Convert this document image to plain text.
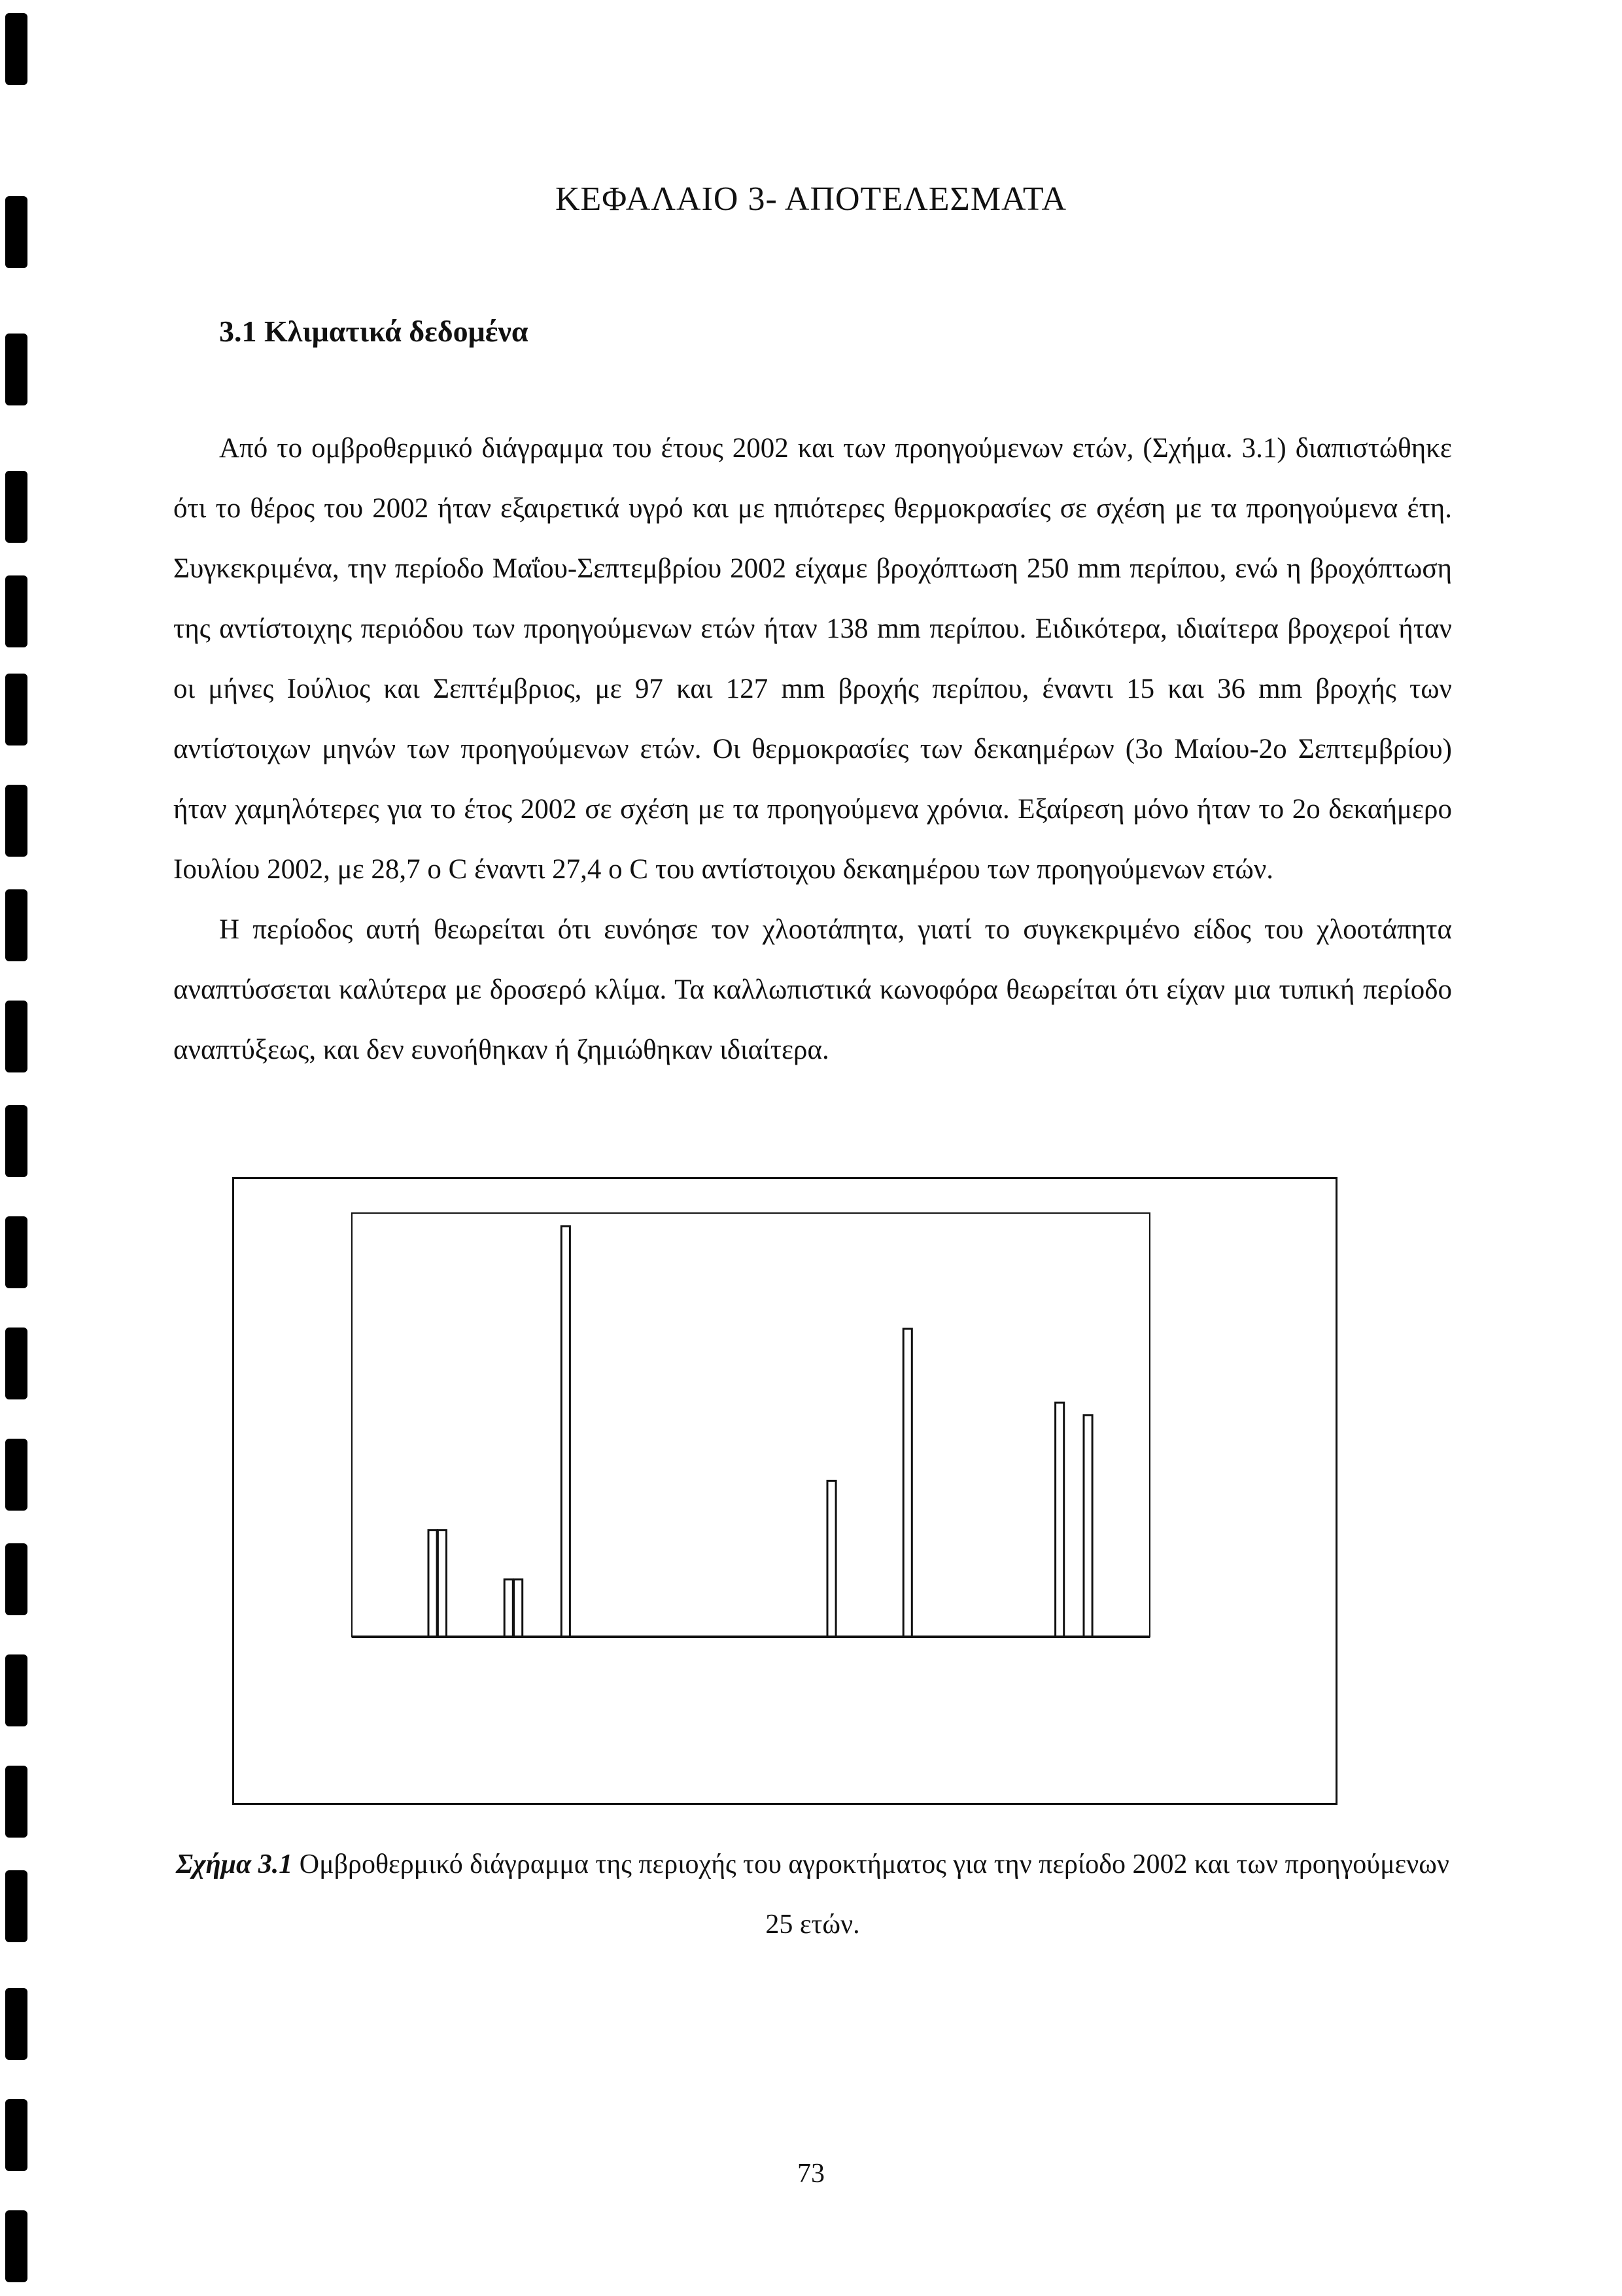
ΚΕΦΑΛΑΙΟ 3- ΑΠΟΤΕΛΕΣΜΑΤΑ
3.1 Κλιματικά δεδομένα

Από το ομβροθερμικό διάγραμμα του έτους 2002 και των προηγούμενων ετών, (Σχήμα. 3.1) διαπιστώθηκε ότι το θέρος του 2002 ήταν εξαιρετικά υγρό και με ηπιότερες θερμοκρασίες σε σχέση με τα προηγούμενα έτη. Συγκεκριμένα, την περίοδο Μαΐου-Σεπτεμβρίου 2002 είχαμε βροχόπτωση 250 mm περίπου, ενώ η βροχόπτωση της αντίστοιχης περιόδου των προηγούμενων ετών ήταν 138 mm περίπου. Ειδικότερα, ιδιαίτερα βροχεροί ήταν οι μήνες Ιούλιος και Σεπτέμβριος, με 97 και 127 mm βροχής περίπου, έναντι 15 και 36 mm βροχής των αντίστοιχων μηνών των προηγούμενων ετών. Οι θερμοκρασίες των δεκαημέρων (3ο Μαίου-2ο Σεπτεμβρίου) ήταν χαμηλότερες για το έτος 2002 σε σχέση με τα προηγούμενα χρόνια. Εξαίρεση μόνο ήταν το 2ο δεκαήμερο Ιουλίου 2002, με 28,7 ο C έναντι 27,4 ο C του αντίστοιχου δεκαημέρου των προηγούμενων ετών.

Η περίοδος αυτή θεωρείται ότι ευνόησε τον χλοοτάπητα, γιατί το συγκεκριμένο είδος του χλοοτάπητα αναπτύσσεται καλύτερα με δροσερό κλίμα. Τα καλλωπιστικά κωνοφόρα θεωρείται ότι είχαν μια τυπική περίοδο αναπτύξεως, και δεν ευνοήθηκαν ή ζημιώθηκαν ιδιαίτερα.

Σχήμα 3.1 Ομβροθερμικό διάγραμμα της περιοχής του αγροκτήματος για την περίοδο 2002 και των προηγούμενων 25 ετών.
73
